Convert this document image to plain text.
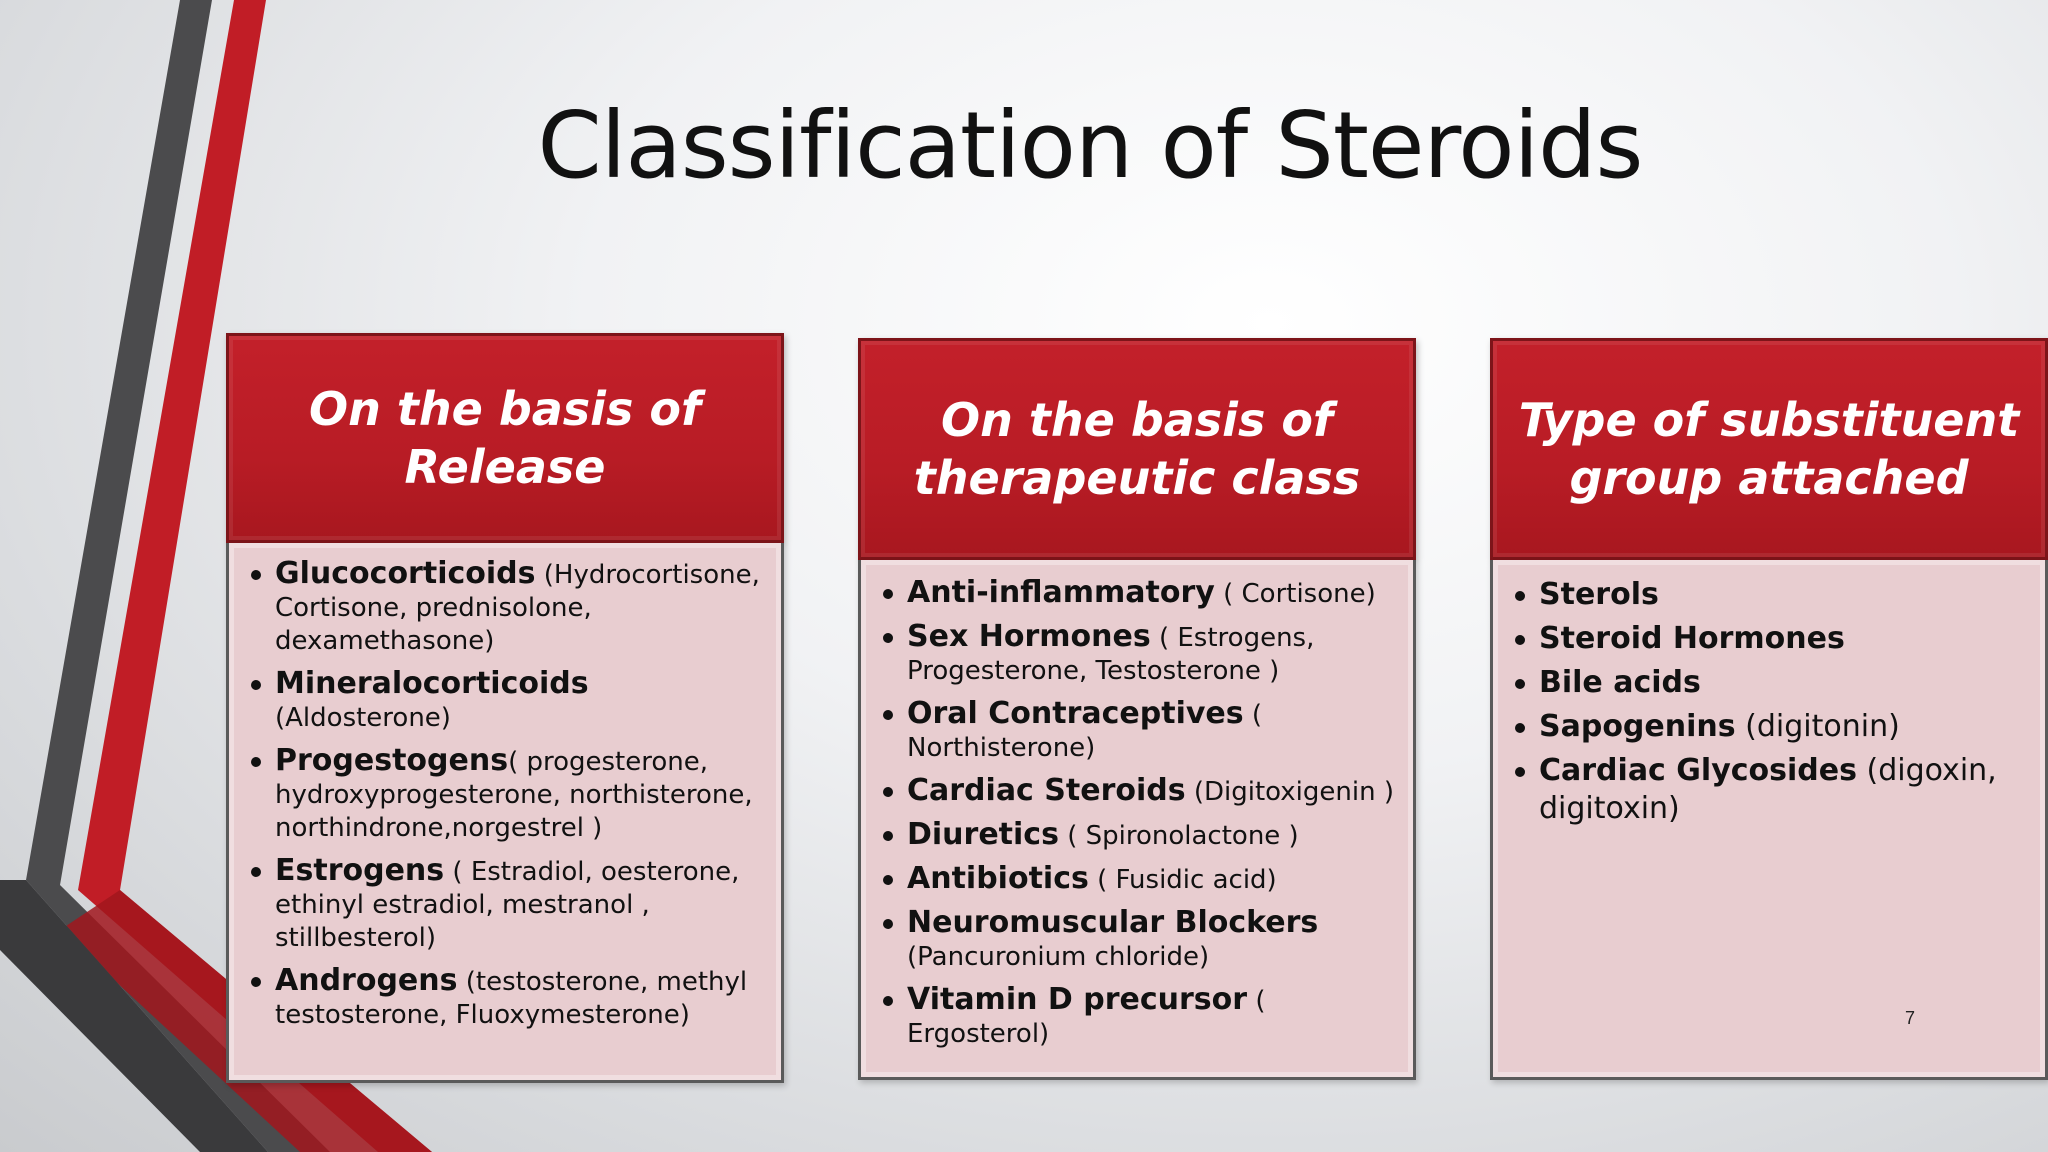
Classification of Steroids
On the basis of Release
Glucocorticoids (Hydrocortisone, Cortisone, prednisolone, dexamethasone)
Mineralocorticoids (Aldosterone)
Progestogens( progesterone, hydroxyprogesterone, northisterone, northindrone,norgestrel )
Estrogens ( Estradiol, oesterone, ethinyl estradiol, mestranol , stillbesterol)
Androgens (testosterone, methyl testosterone, Fluoxymesterone)
On the basis of therapeutic class
Anti-inflammatory ( Cortisone)
Sex Hormones ( Estrogens, Progesterone, Testosterone )
Oral Contraceptives ( Northisterone)
Cardiac Steroids (Digitoxigenin )
Diuretics ( Spironolactone )
Antibiotics ( Fusidic acid)
Neuromuscular Blockers (Pancuronium chloride)
Vitamin D precursor ( Ergosterol)
Type of substituent group attached
Sterols
Steroid Hormones
Bile acids
Sapogenins (digitonin)
Cardiac Glycosides (digoxin, digitoxin)
7
